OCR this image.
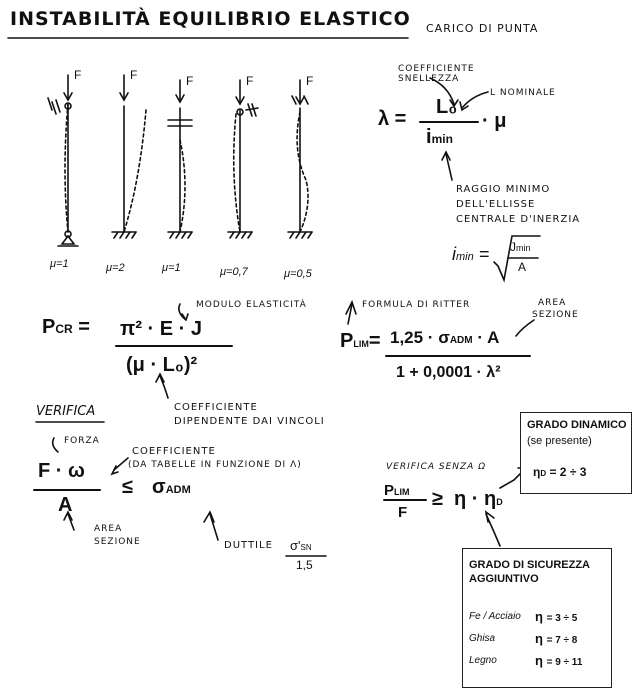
INSTABILITÀ EQUILIBRIO ELASTICO CARICO DI PUNTA
F	F	F	F	F
μ=1	μ=2	μ=1	μ=0,7	μ=0,5
COEFFICIENTE SNELLEZZA
L NOMINALE
λ =
L₀
imin
· μ
RAGGIO MINIMO
DELL'ELLISSE
CENTRALE D'INERZIA
imin = Jmin
A
MODULO ELASTICITÀ
PCR = π² · E · J
(μ · L₀)²
COEFFICIENTE
DIPENDENTE DAI VINCOLI
FORMULA DI RITTER	AREA
SEZIONE
PLIM= 1,25 · σADM · A
1 + 0,0001 · λ²
VERIFICA
FORZA
COEFFICIENTE
(DA TABELLE IN FUNZIONE DI Λ)
F · ω
A
≤ σADM
AREA
SEZIONE	DUTTILE σ'SN
1,5
VERIFICA SENZA Ω
PLIM
F
≥ η · ηD
GRADO DINAMICO
(se presente)
ηD = 2 ÷ 3
GRADO DI SICUREZZA
AGGIUNTIVO
Fe / Acciaio η = 3 ÷ 5
Ghisa	η = 7 ÷ 8
Legno	η = 9 ÷ 11
